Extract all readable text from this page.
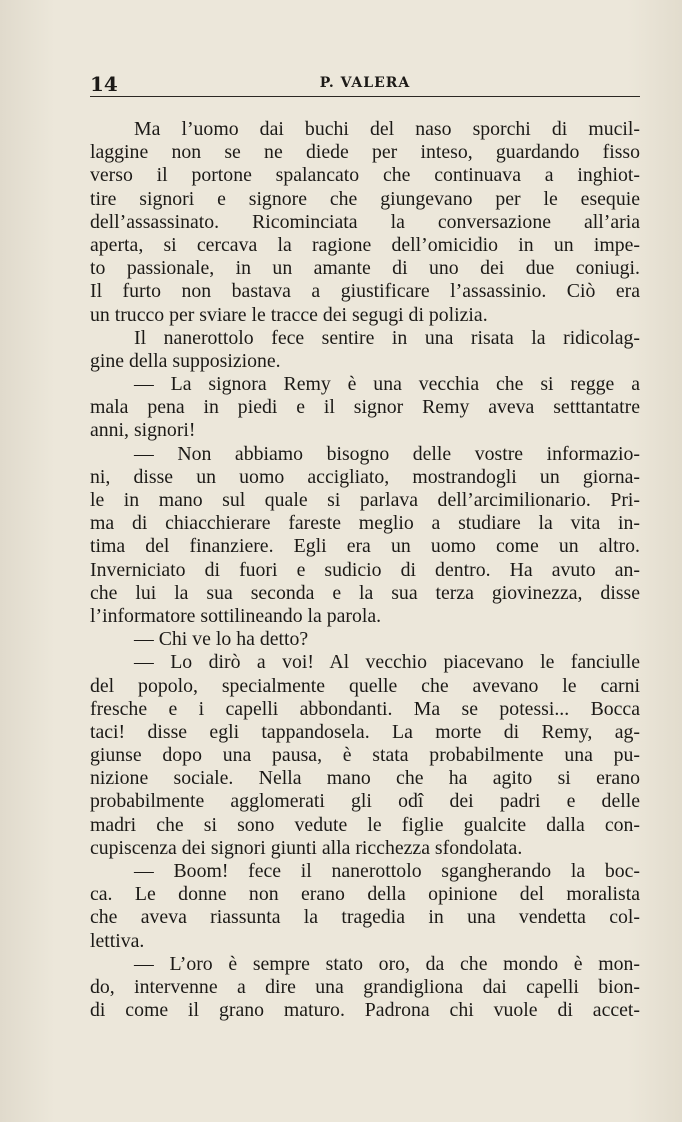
14	P. VALERA
Ma l’uomo dai buchi del naso sporchi di mucil-
laggine non se ne diede per inteso, guardando fisso
verso il portone spalancato che continuava a inghiot-
tire signori e signore che giungevano per le esequie
dell’assassinato. Ricominciata la conversazione all’aria
aperta, si cercava la ragione dell’omicidio in un impe-
to passionale, in un amante di uno dei due coniugi.
Il furto non bastava a giustificare l’assassinio. Ciò era
un trucco per sviare le tracce dei segugi di polizia.
Il nanerottolo fece sentire in una risata la ridicolag-
gine della supposizione.
— La signora Remy è una vecchia che si regge a
mala pena in piedi e il signor Remy aveva setttantatre
anni, signori!
— Non abbiamo bisogno delle vostre informazio-
ni, disse un uomo accigliato, mostrandogli un giorna-
le in mano sul quale si parlava dell’arcimilionario. Pri-
ma di chiacchierare fareste meglio a studiare la vita in-
tima del finanziere. Egli era un uomo come un altro.
Inverniciato di fuori e sudicio di dentro. Ha avuto an-
che lui la sua seconda e la sua terza giovinezza, disse
l’informatore sottilineando la parola.
— Chi ve lo ha detto?
— Lo dirò a voi! Al vecchio piacevano le fanciulle
del popolo, specialmente quelle che avevano le carni
fresche e i capelli abbondanti. Ma se potessi... Bocca
taci! disse egli tappandosela. La morte di Remy, ag-
giunse dopo una pausa, è stata probabilmente una pu-
nizione sociale. Nella mano che ha agito si erano
probabilmente agglomerati gli odî dei padri e delle
madri che si sono vedute le figlie gualcite dalla con-
cupiscenza dei signori giunti alla ricchezza sfondolata.
— Boom! fece il nanerottolo sgangherando la boc-
ca. Le donne non erano della opinione del moralista
che aveva riassunta la tragedia in una vendetta col-
lettiva.
— L’oro è sempre stato oro, da che mondo è mon-
do, intervenne a dire una grandigliona dai capelli bion-
di come il grano maturo. Padrona chi vuole di accet-
